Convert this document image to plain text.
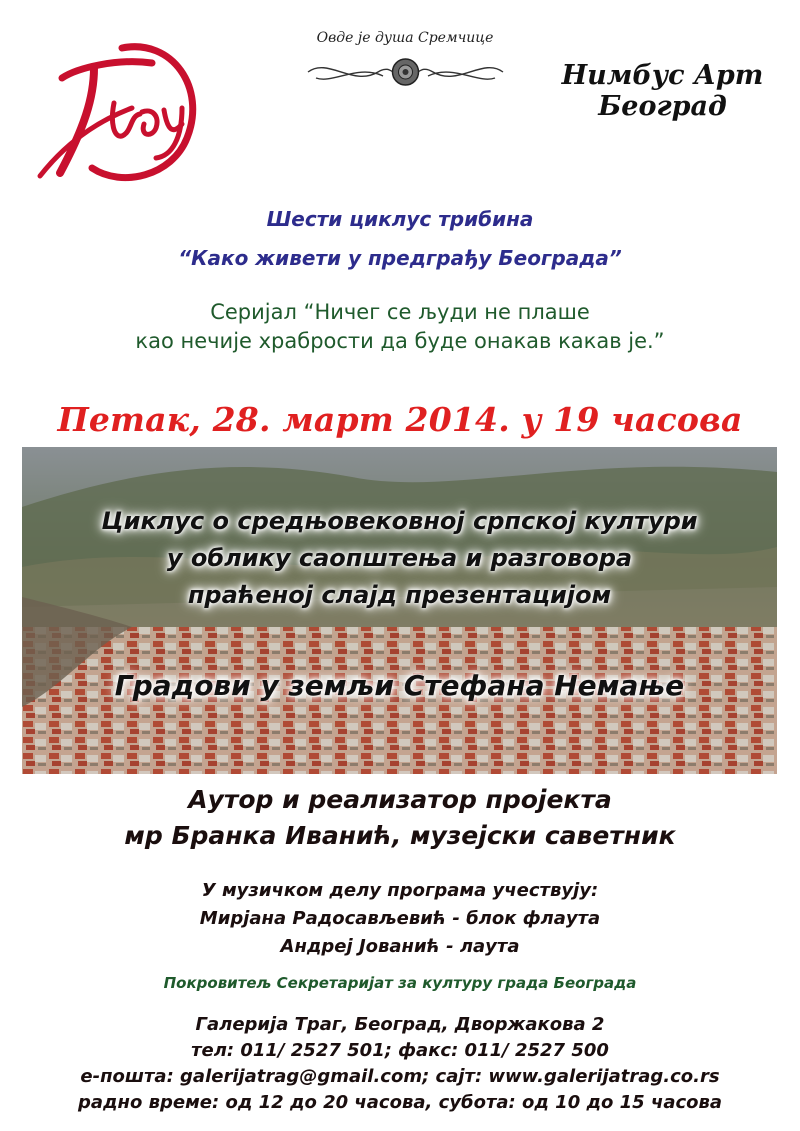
Овде је душа Сремчице
Нимбус Арт
Београд
Шести циклус трибина
“Како живети у предграђу Београда”
Серијал “Ничег се људи не плаше
као нечије храбрости да буде онакав какав је.”
Петак, 28. март 2014. у 19 часова
Циклус о средњовековној српској култури
у облику саопштења и разговора
праћеној слајд презентацијом
Градови у земљи Стефана Немање
Аутор и реализатор пројекта
мр Бранка Иванић, музејски саветник
У музичком делу програма учествују:
Мирјана Радосављевић - блок флаута
Андреј Јованић - лаута
Покровитељ Секретаријат за културу града Београда
Галерија Траг, Београд, Дворжакова 2
тел: 011/ 2527 501; факс: 011/ 2527 500
е-пошта: galerijatrag@gmail.com; сајт: www.galerijatrag.co.rs
радно време: од 12 до 20 часова, субота: од 10 до 15 часова
